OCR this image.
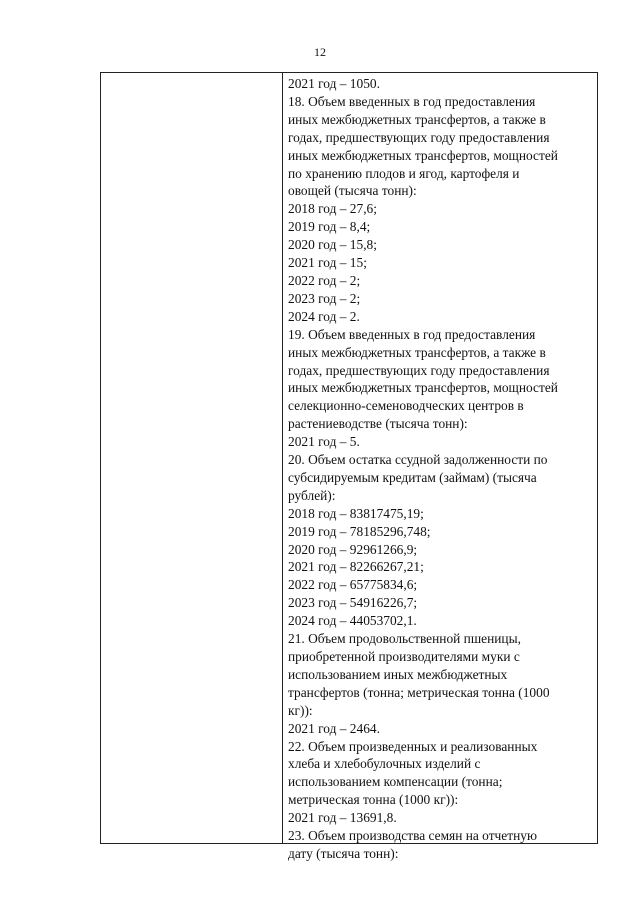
12
2021 год – 1050.
18. Объем введенных в год предоставления
иных межбюджетных трансфертов, а также в
годах, предшествующих году предоставления
иных межбюджетных трансфертов, мощностей
по хранению плодов и ягод, картофеля и
овощей (тысяча тонн):
2018 год – 27,6;
2019 год – 8,4;
2020 год – 15,8;
2021 год – 15;
2022 год – 2;
2023 год – 2;
2024 год – 2.
19. Объем введенных в год предоставления
иных межбюджетных трансфертов, а также в
годах, предшествующих году предоставления
иных межбюджетных трансфертов, мощностей
селекционно-семеноводческих центров в
растениеводстве (тысяча тонн):
2021 год – 5.
20. Объем остатка ссудной задолженности по
субсидируемым кредитам (займам) (тысяча
рублей):
2018 год – 83817475,19;
2019 год – 78185296,748;
2020 год – 92961266,9;
2021 год – 82266267,21;
2022 год – 65775834,6;
2023 год – 54916226,7;
2024 год – 44053702,1.
21. Объем продовольственной пшеницы,
приобретенной производителями муки с
использованием иных межбюджетных
трансфертов (тонна; метрическая тонна (1000
кг)):
2021 год – 2464.
22. Объем произведенных и реализованных
хлеба и хлебобулочных изделий с
использованием компенсации (тонна;
метрическая тонна (1000 кг)):
2021 год – 13691,8.
23. Объем производства семян на отчетную
дату (тысяча тонн):
